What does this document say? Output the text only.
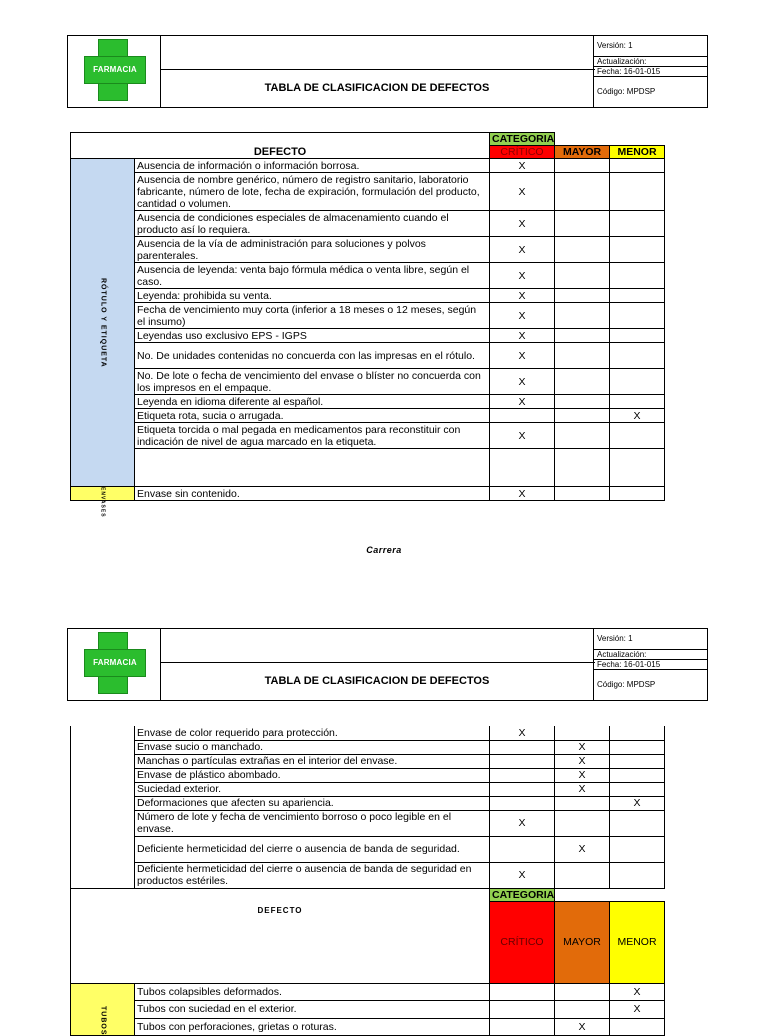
FARMACIA
TABLA DE CLASIFICACION DE DEFECTOS
Versión: 1
Actualización:
Fecha: 16-01-015
Código: MPDSP
DEFECTO		CATEGORIA		
		CRÍTICO	MAYOR	MENOR

RÓTULO Y ETIQUETA	Ausencia de información o información borrosa.	X		
	Ausencia de nombre genérico, número de registro sanitario, laboratorio fabricante, número de lote, fecha de expiración, formulación del producto, cantidad o volumen.	X		
	Ausencia de condiciones especiales de almacenamiento cuando el producto así lo requiera.	X		
	Ausencia de la vía de administración para soluciones y polvos parenterales.	X		
	Ausencia de leyenda: venta bajo fórmula médica o venta libre, según el caso.	X		
	Leyenda: prohibida su venta.	X		
	Fecha de vencimiento muy corta (inferior a 18 meses o 12 meses, según el insumo)	X		
	Leyendas uso exclusivo EPS - IGPS	X		
	No. De unidades contenidas no concuerda con las impresas en el rótulo.	X		
	No. De lote o fecha de vencimiento del envase o blíster no concuerda con los impresos en el empaque.	X		
	Leyenda en idioma diferente al español.	X		
	Etiqueta rota, sucia o arrugada.			X
	Etiqueta torcida o mal pegada en medicamentos para reconstituir con indicación de nivel de agua marcado en la etiqueta.	X		

ENVASES	Envase sin contenido.	X		
Carrera
FARMACIA
TABLA DE CLASIFICACION DE DEFECTOS
Versión: 1
Actualización:
Fecha: 16-01-015
Código: MPDSP
	Envase de color requerido para protección.	X		
	Envase sucio o manchado.		X	
	Manchas o partículas extrañas en el interior del envase.		X	
	Envase de plástico abombado.		X	
	Suciedad exterior.		X	
	Deformaciones que afecten su apariencia.			X
	Número de lote y fecha de vencimiento borroso o poco legible en el envase.	X		
	Deficiente hermeticidad del cierre o ausencia de banda de seguridad.		X	
	Deficiente hermeticidad del cierre o ausencia de banda de seguridad en productos estériles.	X		
DEFECTO		CATEGORIA		
		CRÍTICO	MAYOR	MENOR

TUBOS	Tubos colapsibles deformados.			X
	Tubos con suciedad en el exterior.			X
	Tubos con perforaciones, grietas o roturas.		X	
